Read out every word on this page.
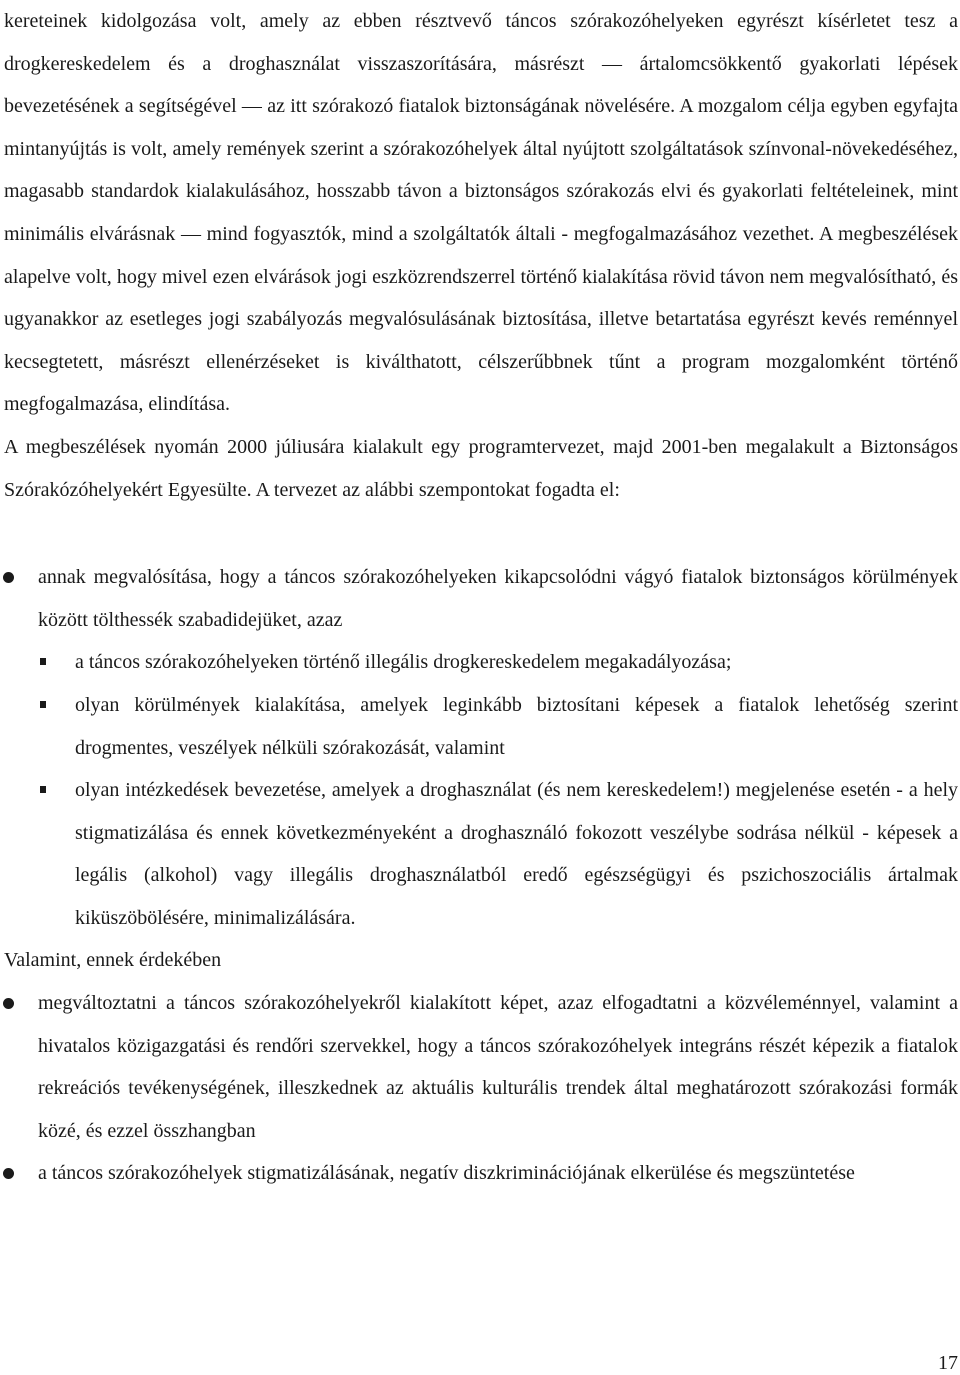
kereteinek kidolgozása volt, amely az ebben résztvevő táncos szórakozóhelyeken egyrészt kísérletet tesz a drogkereskedelem és a droghasználat visszaszorítására, másrészt ― ártalomcsökkentő gyakorlati lépések bevezetésének a segítségével ― az itt szórakozó fiatalok biztonságának növelésére. A mozgalom célja egyben egyfajta mintanyújtás is volt, amely remények szerint a szórakozóhelyek által nyújtott szolgáltatások színvonal-növekedéséhez, magasabb standardok kialakulásához, hosszabb távon a biztonságos szórakozás elvi és gyakorlati feltételeinek, mint minimális elvárásnak ― mind fogyasztók, mind a szolgáltatók általi - megfogalmazásához vezethet. A megbeszélések alapelve volt, hogy mivel ezen elvárások jogi eszközrendszerrel történő kialakítása rövid távon nem megvalósítható, és ugyanakkor az esetleges jogi szabályozás megvalósulásának biztosítása, illetve betartatása egyrészt kevés reménnyel kecsegtetett, másrészt ellenérzéseket is kiválthatott, célszerűbbnek tűnt a program mozgalomként történő megfogalmazása, elindítása.

A megbeszélések nyomán 2000 júliusára kialakult egy programtervezet, majd 2001-ben megalakult a Biztonságos Szórakózóhelyekért Egyesülte. A tervezet az alábbi szempontokat fogadta el:

annak megvalósítása, hogy a táncos szórakozóhelyeken kikapcsolódni vágyó fiatalok biztonságos körülmények között tölthessék szabadidejüket, azaz
a táncos szórakozóhelyeken történő illegális drogkereskedelem megakadályozása;
olyan körülmények kialakítása, amelyek leginkább biztosítani képesek a fiatalok lehetőség szerint drogmentes, veszélyek nélküli szórakozását, valamint
olyan intézkedések bevezetése, amelyek a droghasználat (és nem kereskedelem!) megjelenése esetén - a hely stigmatizálása és ennek következményeként a droghasználó fokozott veszélybe sodrása nélkül - képesek a legális (alkohol) vagy illegális droghasználatból eredő egészségügyi és pszichoszociális ártalmak kiküszöbölésére, minimalizálására.

Valamint, ennek érdekében

megváltoztatni a táncos szórakozóhelyekről kialakított képet, azaz elfogadtatni a közvéleménnyel, valamint a hivatalos közigazgatási és rendőri szervekkel, hogy a táncos szórakozóhelyek integráns részét képezik a fiatalok rekreációs tevékenységének, illeszkednek az aktuális kulturális trendek által meghatározott szórakozási formák közé, és ezzel összhangban
a táncos szórakozóhelyek stigmatizálásának, negatív diszkriminációjának elkerülése és megszüntetése
17
